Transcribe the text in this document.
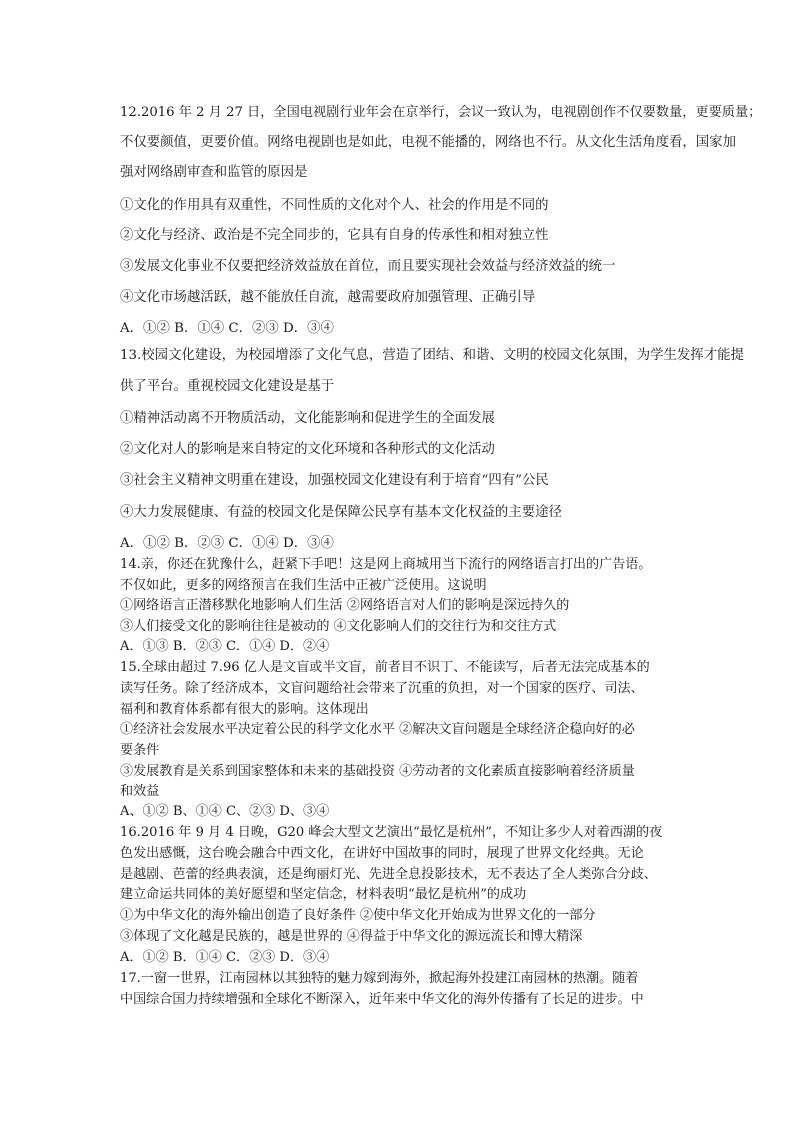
12.2016 年 2 月 27 日，全国电视剧行业年会在京举行，会议一致认为，电视剧创作不仅要数量，更要质量；
不仅要颜值，更要价值。网络电视剧也是如此，电视不能播的，网络也不行。从文化生活角度看，国家加
强对网络剧审查和监管的原因是
①文化的作用具有双重性，不同性质的文化对个人、社会的作用是不同的
②文化与经济、政治是不完全同步的，它具有自身的传承性和相对独立性
③发展文化事业不仅要把经济效益放在首位，而且要实现社会效益与经济效益的统一
④文化市场越活跃，越不能放任自流，越需要政府加强管理、正确引导
A．①② B．①④ C．②③ D．③④
13.校园文化建设，为校园增添了文化气息，营造了团结、和谐、文明的校园文化氛围，为学生发挥才能提
供了平台。重视校园文化建设是基于
①精神活动离不开物质活动，文化能影响和促进学生的全面发展
②文化对人的影响是来自特定的文化环境和各种形式的文化活动
③社会主义精神文明重在建设，加强校园文化建设有利于培育“四有”公民
④大力发展健康、有益的校园文化是保障公民享有基本文化权益的主要途径
A．①② B．②③ C．①④ D．③④
14.亲，你还在犹豫什么，赶紧下手吧！这是网上商城用当下流行的网络语言打出的广告语。
不仅如此，更多的网络预言在我们生活中正被广泛使用。这说明
①网络语言正潜移默化地影响人们生活 ②网络语言对人们的影响是深远持久的
③人们接受文化的影响往往是被动的 ④文化影响人们的交往行为和交往方式
A．①③ B．②③ C．①④ D．②④
15.全球由超过 7.96 亿人是文盲或半文盲，前者目不识丁、不能读写，后者无法完成基本的
读写任务。除了经济成本，文盲问题给社会带来了沉重的负担，对一个国家的医疗、司法、
福利和教育体系都有很大的影响。这体现出
①经济社会发展水平决定着公民的科学文化水平 ②解决文盲问题是全球经济企稳向好的必
要条件
③发展教育是关系到国家整体和未来的基础投资 ④劳动者的文化素质直接影响着经济质量
和效益
A、①② B、①④ C、②③ D、③④
16.2016 年 9 月 4 日晚，G20 峰会大型文艺演出“最忆是杭州”，不知让多少人对着西湖的夜
色发出感慨，这台晚会融合中西文化，在讲好中国故事的同时，展现了世界文化经典。无论
是越剧、芭蕾的经典表演，还是绚丽灯光、先进全息投影技术，无不表达了全人类弥合分歧、
建立命运共同体的美好愿望和坚定信念，材料表明“最忆是杭州”的成功
①为中华文化的海外输出创造了良好条件 ②使中华文化开始成为世界文化的一部分
③体现了文化越是民族的，越是世界的 ④得益于中华文化的源远流长和博大精深
A．①② B．①④ C．②③ D．③④
17.一窗一世界，江南园林以其独特的魅力嫁到海外，掀起海外投建江南园林的热潮。随着
中国综合国力持续增强和全球化不断深入，近年来中华文化的海外传播有了长足的进步。中
